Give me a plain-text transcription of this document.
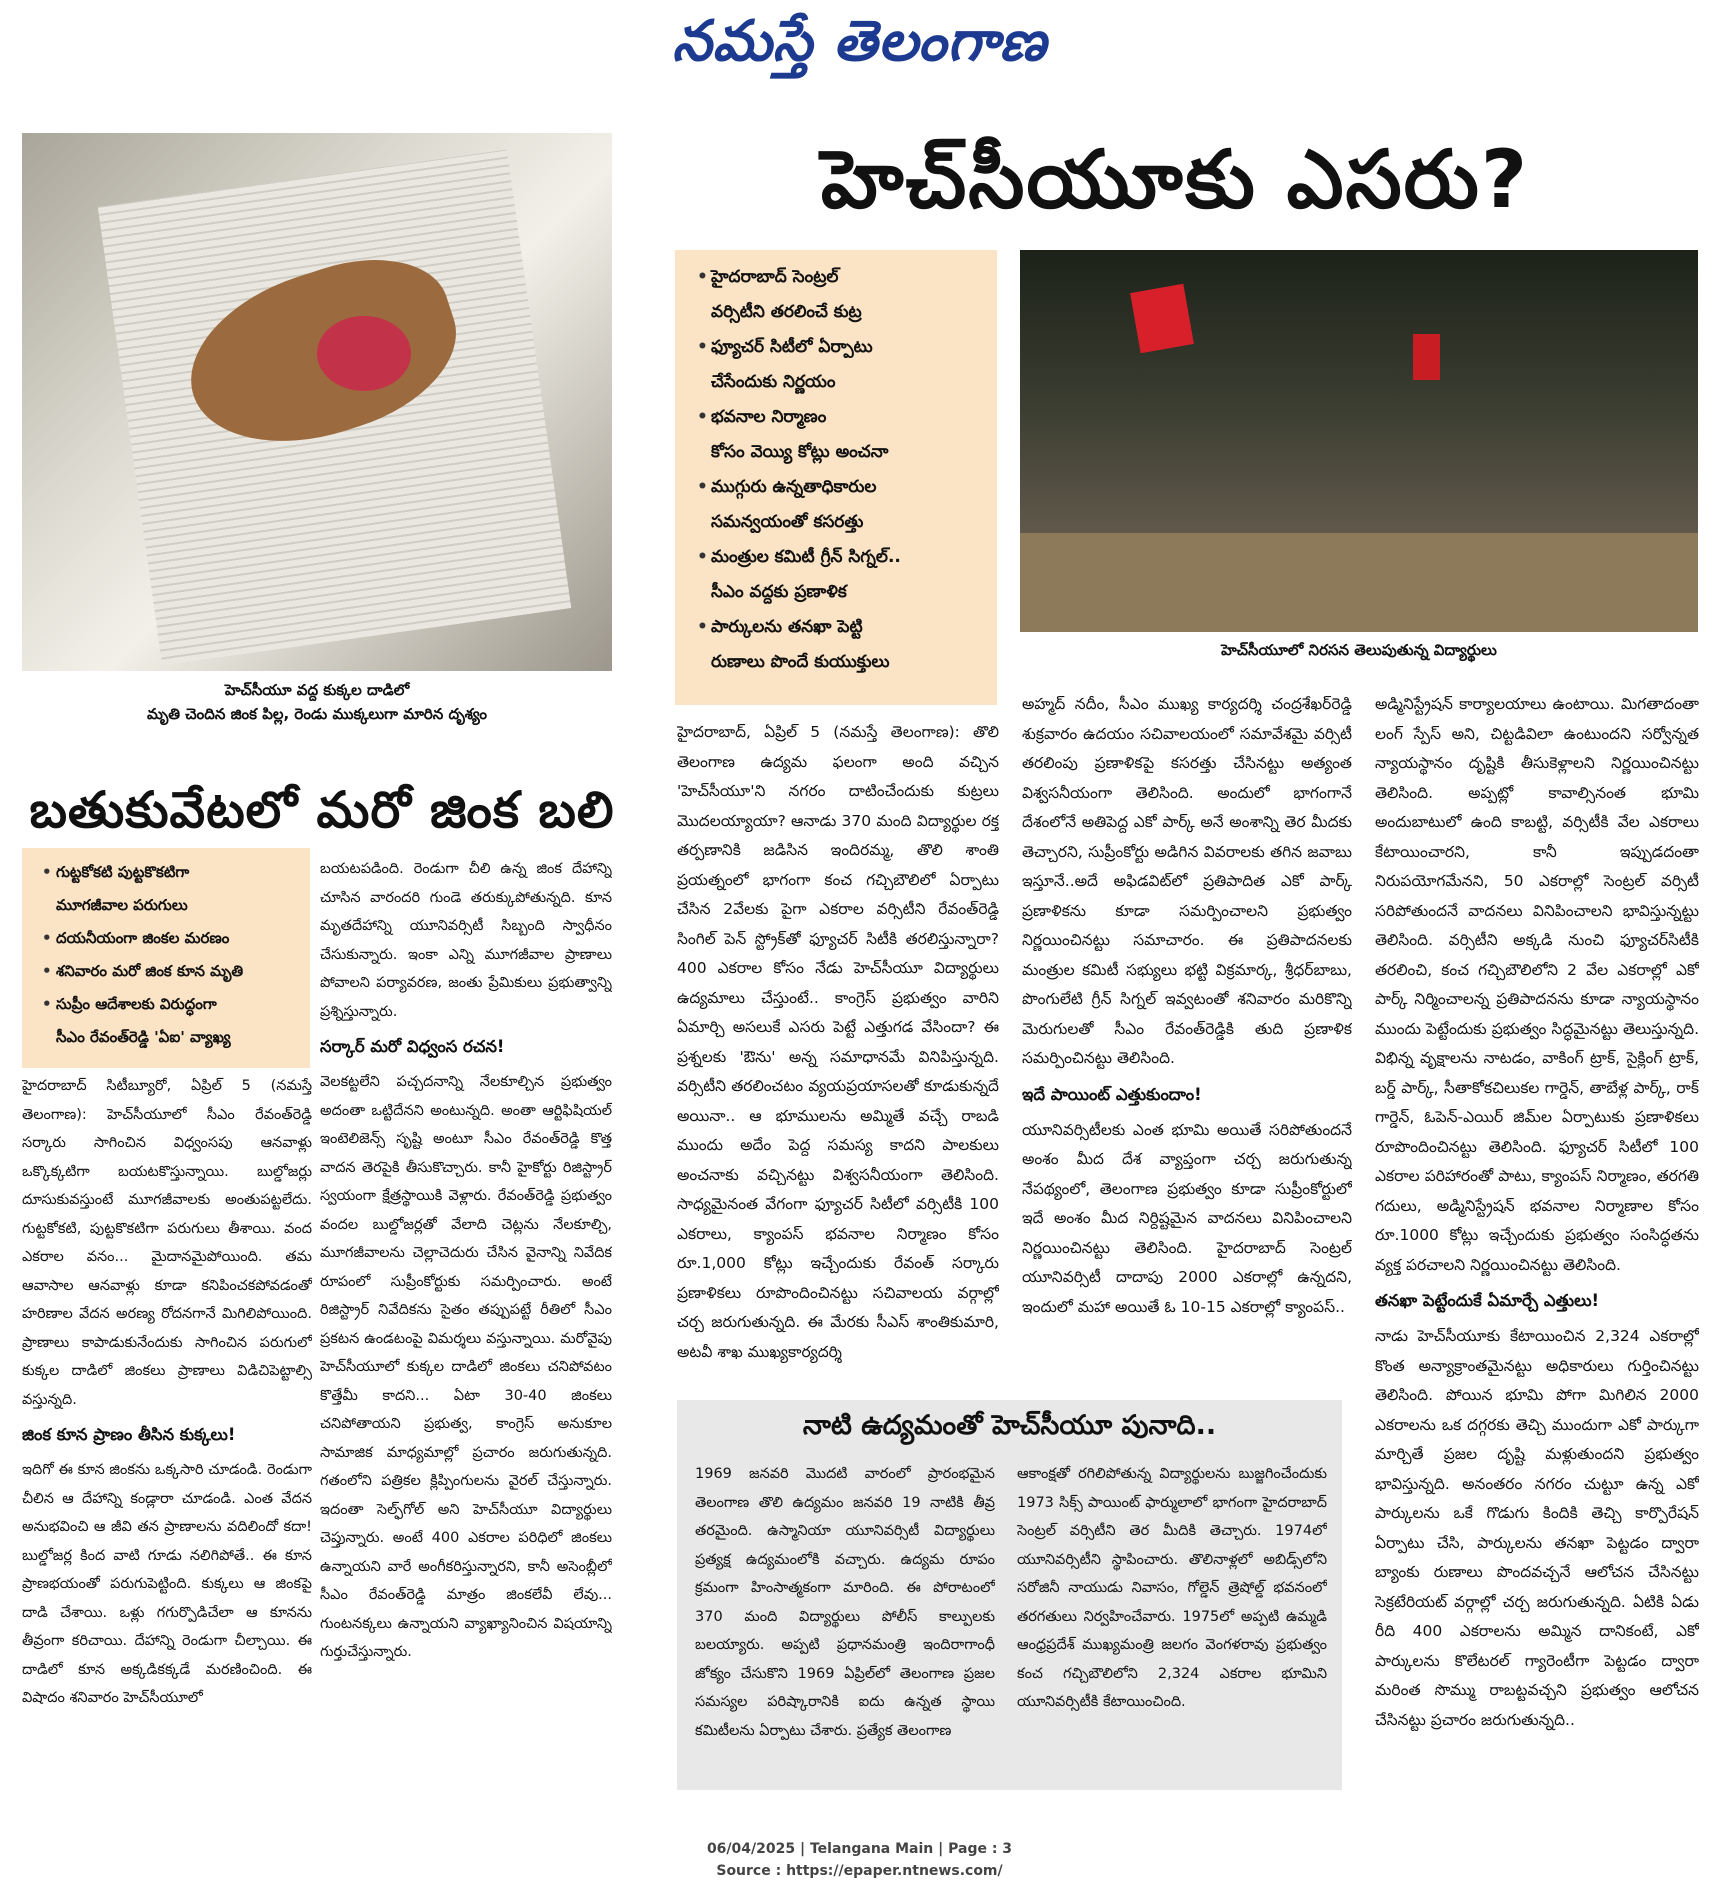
నమస్తే తెలంగాణ
హెచ్‌సీయూ వద్ద కుక్కల దాడిలో
మృతి చెందిన జింక పిల్ల, రెండు ముక్కలుగా మారిన దృశ్యం
హెచ్‌సీయూకు ఎసరు?
• హైదరాబాద్ సెంట్రల్
వర్సిటీని తరలించే కుట్ర
• ఫ్యూచర్ సిటీలో ఏర్పాటు
చేసేందుకు నిర్ణయం
• భవనాల నిర్మాణం
కోసం వెయ్యి కోట్లు అంచనా
• ముగ్గురు ఉన్నతాధికారుల
సమన్వయంతో కసరత్తు
• మంత్రుల కమిటీ గ్రీన్ సిగ్నల్..
సీఎం వద్దకు ప్రణాళిక
• పార్కులను తనఖా పెట్టి
రుణాలు పొందే కుయుక్తులు
హెచ్‌సీయూలో నిరసన తెలుపుతున్న విద్యార్థులు
బతుకువేటలో మరో జింక బలి
• గుట్టకోకటి పుట్టకొకటిగా
మూగజీవాల పరుగులు
• దయనీయంగా జింకల మరణం
• శనివారం మరో జింక కూన మృతి
• సుప్రీం ఆదేశాలకు విరుద్ధంగా
సీఎం రేవంత్‌రెడ్డి 'ఏఐ' వ్యాఖ్య

హైదరాబాద్ సిటీబ్యూరో, ఏప్రిల్ 5 (నమస్తే తెలంగాణ): హెచ్‌సీయూలో సీఎం రేవంత్‌రెడ్డి సర్కారు సాగించిన విధ్వంసపు ఆనవాళ్లు ఒక్కొక్కటిగా బయటకొస్తున్నాయి. బుల్డోజర్లు దూసుకువస్తుంటే మూగజీవాలకు అంతుపట్టలేదు. గుట్టకోకటి, పుట్టకొకటిగా పరుగులు తీశాయి. వంద ఎకరాల వనం... మైదానమైపోయింది. తమ ఆవాసాల ఆనవాళ్లు కూడా కనిపించకపోవడంతో హరిణాల వేదన అరణ్య రోదనగానే మిగిలిపోయింది. ప్రాణాలు కాపాడుకునేందుకు సాగించిన పరుగులో కుక్కల దాడిలో జింకలు ప్రాణాలు విడిచిపెట్టాల్సి వస్తున్నది.

జింక కూన ప్రాణం తీసిన కుక్కలు!

ఇదిగో ఈ కూన జింకను ఒక్కసారి చూడండి. రెండుగా చీలిన ఆ దేహాన్ని కండ్లారా చూడండి. ఎంత వేదన అనుభవించి ఆ జీవి తన ప్రాణాలను వదిలిందో కదా! బుల్డోజర్ల కింద వాటి గూడు నలిగిపోతే.. ఈ కూన ప్రాణభయంతో పరుగుపెట్టింది. కుక్కలు ఆ జింకపై దాడి చేశాయి. ఒళ్లు గగుర్పొడిచేలా ఆ కూనను తీవ్రంగా కరిచాయి. దేహాన్ని రెండుగా చీల్చాయి. ఈ దాడిలో కూన అక్కడికక్కడే మరణించింది. ఈ విషాదం శనివారం హెచ్‌సీయూలో

బయటపడింది. రెండుగా చీలి ఉన్న జింక దేహాన్ని చూసిన వారందరి గుండె తరుక్కుపోతున్నది. కూన మృతదేహాన్ని యూనివర్సిటీ సిబ్బంది స్వాధీనం చేసుకున్నారు. ఇంకా ఎన్ని మూగజీవాల ప్రాణాలు పోవాలని పర్యావరణ, జంతు ప్రేమికులు ప్రభుత్వాన్ని ప్రశ్నిస్తున్నారు.

సర్కార్ మరో విధ్వంస రచన!

వెలకట్టలేని పచ్చదనాన్ని నేలకూల్చిన ప్రభుత్వం అదంతా ఒట్టిదేనని అంటున్నది. అంతా ఆర్టిఫిషియల్ ఇంటెలిజెన్స్ సృష్టి అంటూ సీఎం రేవంత్‌రెడ్డి కొత్త వాదన తెరపైకి తీసుకొచ్చారు. కానీ హైకోర్టు రిజిస్ట్రార్ స్వయంగా క్షేత్రస్థాయికి వెళ్లారు. రేవంత్‌రెడ్డి ప్రభుత్వం వందల బుల్డోజర్లతో వేలాది చెట్లను నేలకూల్చి, మూగజీవాలను చెల్లాచెదురు చేసిన వైనాన్ని నివేదిక రూపంలో సుప్రీంకోర్టుకు సమర్పించారు. అంటే రిజిస్ట్రార్ నివేదికను సైతం తప్పుపట్టే రీతిలో సీఎం ప్రకటన ఉండటంపై విమర్శలు వస్తున్నాయి. మరోవైపు హెచ్‌సీయూలో కుక్కల దాడిలో జింకలు చనిపోవటం కొత్తేమీ కాదని... ఏటా 30-40 జింకలు చనిపోతాయని ప్రభుత్వ, కాంగ్రెస్ అనుకూల సామాజిక మాధ్యమాల్లో ప్రచారం జరుగుతున్నది. గతంలోని పత్రికల క్లిప్పింగులను వైరల్ చేస్తున్నారు. ఇదంతా సెల్ఫ్‌గోల్ అని హెచ్‌సీయూ విద్యార్థులు చెప్తున్నారు. అంటే 400 ఎకరాల పరిధిలో జింకలు ఉన్నాయని వారే అంగీకరిస్తున్నారని, కానీ అసెంబ్లీలో సీఎం రేవంత్‌రెడ్డి మాత్రం జింకలేవీ లేవు... గుంటనక్కలు ఉన్నాయని వ్యాఖ్యానించిన విషయాన్ని గుర్తుచేస్తున్నారు.

హైదరాబాద్, ఏప్రిల్ 5 (నమస్తే తెలంగాణ): తొలి తెలంగాణ ఉద్యమ ఫలంగా అంది వచ్చిన 'హెచ్‌సీయూ'ని నగరం దాటించేందుకు కుట్రలు మొదలయ్యాయా? ఆనాడు 370 మంది విద్యార్థుల రక్త తర్పణానికి జడిసిన ఇందిరమ్మ, తొలి శాంతి ప్రయత్నంలో భాగంగా కంచ గచ్చిబౌలిలో ఏర్పాటు చేసిన 2వేలకు పైగా ఎకరాల వర్సిటీని రేవంత్‌రెడ్డి సింగిల్ పెన్ స్ట్రోక్‌తో ఫ్యూచర్ సిటీకి తరలిస్తున్నారా? 400 ఎకరాల కోసం నేడు హెచ్‌సీయూ విద్యార్థులు ఉద్యమాలు చేస్తుంటే.. కాంగ్రెస్ ప్రభుత్వం వారిని ఏమార్చి అసలుకే ఎసరు పెట్టే ఎత్తుగడ వేసిందా? ఈ ప్రశ్నలకు 'ఔను' అన్న సమాధానమే వినిపిస్తున్నది. వర్సిటీని తరలించటం వ్యయప్రయాసలతో కూడుకున్నదే అయినా.. ఆ భూములను అమ్మితే వచ్చే రాబడి ముందు అదేం పెద్ద సమస్య కాదని పాలకులు అంచనాకు వచ్చినట్టు విశ్వసనీయంగా తెలిసింది. సాధ్యమైనంత వేగంగా ఫ్యూచర్ సిటీలో వర్సిటీకి 100 ఎకరాలు, క్యాంపస్ భవనాల నిర్మాణం కోసం రూ.1,000 కోట్లు ఇచ్చేందుకు రేవంత్ సర్కారు ప్రణాళికలు రూపొందించినట్టు సచివాలయ వర్గాల్లో చర్చ జరుగుతున్నది. ఈ మేరకు సీఎస్ శాంతికుమారి, అటవీ శాఖ ముఖ్యకార్యదర్శి

అహ్మద్ నదీం, సీఎం ముఖ్య కార్యదర్శి చంద్రశేఖర్‌రెడ్డి శుక్రవారం ఉదయం సచివాలయంలో సమావేశమై వర్సిటీ తరలింపు ప్రణాళికపై కసరత్తు చేసినట్టు అత్యంత విశ్వసనీయంగా తెలిసింది. అందులో భాగంగానే దేశంలోనే అతిపెద్ద ఎకో పార్క్ అనే అంశాన్ని తెర మీదకు తెచ్చారని, సుప్రీంకోర్టు అడిగిన వివరాలకు తగిన జవాబు ఇస్తూనే..అదే అఫిడవిట్‌లో ప్రతిపాదిత ఎకో పార్క్ ప్రణాళికను కూడా సమర్పించాలని ప్రభుత్వం నిర్ణయించినట్టు సమాచారం. ఈ ప్రతిపాదనలకు మంత్రుల కమిటీ సభ్యులు భట్టి విక్రమార్క, శ్రీధర్‌బాబు, పొంగులేటి గ్రీన్ సిగ్నల్ ఇవ్వటంతో శనివారం మరికొన్ని మెరుగులతో సీఎం రేవంత్‌రెడ్డికి తుది ప్రణాళిక సమర్పించినట్టు తెలిసింది.

ఇదే పాయింట్ ఎత్తుకుందాం!

యూనివర్సిటీలకు ఎంత భూమి అయితే సరిపోతుందనే అంశం మీద దేశ వ్యాప్తంగా చర్చ జరుగుతున్న నేపథ్యంలో, తెలంగాణ ప్రభుత్వం కూడా సుప్రీంకోర్టులో ఇదే అంశం మీద నిర్దిష్టమైన వాదనలు వినిపించాలని నిర్ణయించినట్టు తెలిసింది. హైదరాబాద్ సెంట్రల్ యూనివర్సిటీ దాదాపు 2000 ఎకరాల్లో ఉన్నదని, ఇందులో మహా అయితే ఓ 10-15 ఎకరాల్లో క్యాంపస్..

అడ్మినిస్ట్రేషన్ కార్యాలయాలు ఉంటాయి. మిగతాదంతా లంగ్ స్పేస్ అని, చిట్టడివిలా ఉంటుందని సర్వోన్నత న్యాయస్థానం దృష్టికి తీసుకెళ్లాలని నిర్ణయించినట్టు తెలిసింది. అప్పట్లో కావాల్సినంత భూమి అందుబాటులో ఉంది కాబట్టి, వర్సిటీకి వేల ఎకరాలు కేటాయించారని, కానీ ఇప్పుడదంతా నిరుపయోగమేనని, 50 ఎకరాల్లో సెంట్రల్ వర్సిటీ సరిపోతుందనే వాదనలు వినిపించాలని భావిస్తున్నట్టు తెలిసింది. వర్సిటీని అక్కడి నుంచి ఫ్యూచర్‌సిటీకి తరలించి, కంచ గచ్చిబౌలిలోని 2 వేల ఎకరాల్లో ఎకో పార్క్ నిర్మించాలన్న ప్రతిపాదనను కూడా న్యాయస్థానం ముందు పెట్టేందుకు ప్రభుత్వం సిద్ధమైనట్టు తెలుస్తున్నది. విభిన్న వృక్షాలను నాటడం, వాకింగ్ ట్రాక్, సైక్లింగ్ ట్రాక్, బర్డ్ పార్క్, సీతాకోకచిలుకల గార్డెన్, తాబేళ్ల పార్క్, రాక్ గార్డెన్, ఓపెన్-ఎయిర్ జిమ్‌ల ఏర్పాటుకు ప్రణాళికలు రూపొందించినట్టు తెలిసింది. ఫ్యూచర్ సిటీలో 100 ఎకరాల పరిహారంతో పాటు, క్యాంపస్ నిర్మాణం, తరగతి గదులు, అడ్మినిస్ట్రేషన్ భవనాల నిర్మాణాల కోసం రూ.1000 కోట్లు ఇచ్చేందుకు ప్రభుత్వం సంసిద్ధతను వ్యక్త పరచాలని నిర్ణయించినట్టు తెలిసింది.

తనఖా పెట్టేందుకే ఏమార్చే ఎత్తులు!

నాడు హెచ్‌సీయూకు కేటాయించిన 2,324 ఎకరాల్లో కొంత అన్యాక్రాంతమైనట్టు అధికారులు గుర్తించినట్టు తెలిసింది. పోయిన భూమి పోగా మిగిలిన 2000 ఎకరాలను ఒక దగ్గరకు తెచ్చి ముందుగా ఎకో పార్కుగా మార్చితే ప్రజల దృష్టి మళ్లుతుందని ప్రభుత్వం భావిస్తున్నది. అనంతరం నగరం చుట్టూ ఉన్న ఎకో పార్కులను ఒకే గొడుగు కిందికి తెచ్చి కార్పొరేషన్ ఏర్పాటు చేసి, పార్కులను తనఖా పెట్టడం ద్వారా బ్యాంకు రుణాలు పొందవచ్చనే ఆలోచన చేసినట్టు సెక్రటేరియట్ వర్గాల్లో చర్చ జరుగుతున్నది. ఏటికి ఏడు రీది 400 ఎకరాలను అమ్మిన దానికంటే, ఎకో పార్కులను కొలేటరల్ గ్యారెంటీగా పెట్టడం ద్వారా మరింత సొమ్ము రాబట్టవచ్చని ప్రభుత్వం ఆలోచన చేసినట్టు ప్రచారం జరుగుతున్నది..

నాటి ఉద్యమంతో హెచ్‌సీయూ పునాది..
1969 జనవరి మొదటి వారంలో ప్రారంభమైన తెలంగాణ తొలి ఉద్యమం జనవరి 19 నాటికి తీవ్ర తరమైంది. ఉస్మానియా యూనివర్సిటీ విద్యార్థులు ప్రత్యక్ష ఉద్యమంలోకి వచ్చారు. ఉద్యమ రూపం క్రమంగా హింసాత్మకంగా మారింది. ఈ పోరాటంలో 370 మంది విద్యార్థులు పోలీస్ కాల్పులకు బలయ్యారు. అప్పటి ప్రధానమంత్రి ఇందిరాగాంధీ జోక్యం చేసుకొని 1969 ఏప్రిల్‌లో తెలంగాణ ప్రజల సమస్యల పరిష్కారానికి ఐదు ఉన్నత స్థాయి కమిటీలను ఏర్పాటు చేశారు. ప్రత్యేక తెలంగాణ
ఆకాంక్షతో రగిలిపోతున్న విద్యార్థులను బుజ్జగించేందుకు 1973 సిక్స్ పాయింట్ ఫార్ములాలో భాగంగా హైదరాబాద్ సెంట్రల్ వర్సిటీని తెర మీదికి తెచ్చారు. 1974లో యూనివర్సిటీని స్థాపించారు. తొలినాళ్లలో అబిడ్స్‌లోని సరోజినీ నాయుడు నివాసం, గోల్డెన్ త్రెషోల్డ్ భవనంలో తరగతులు నిర్వహించేవారు. 1975లో అప్పటి ఉమ్మడి ఆంధ్రప్రదేశ్ ముఖ్యమంత్రి జలగం వెంగళరావు ప్రభుత్వం కంచ గచ్చిబౌలిలోని 2,324 ఎకరాల భూమిని యూనివర్సిటీకి కేటాయించింది.
06/04/2025 | Telangana Main | Page : 3
Source : https://epaper.ntnews.com/
